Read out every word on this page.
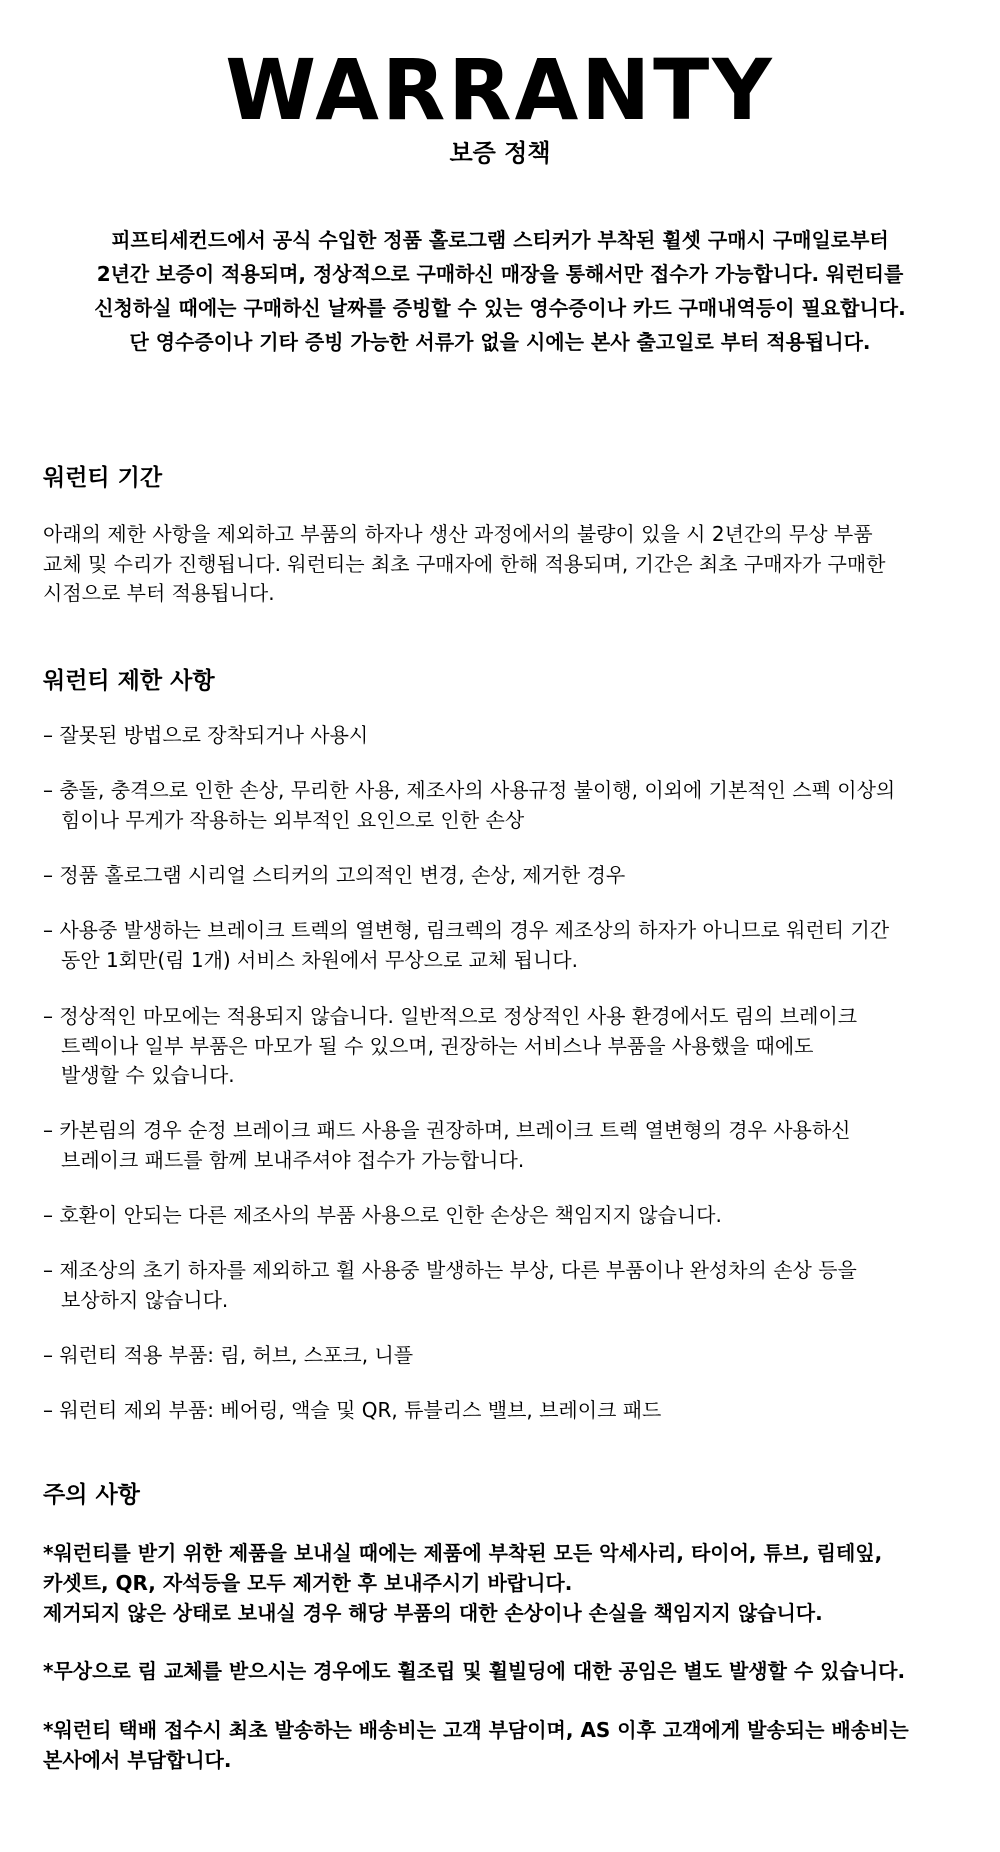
WARRANTY
보증 정책
피프티세컨드에서 공식 수입한 정품 홀로그램 스티커가 부착된 휠셋 구매시 구매일로부터
2년간 보증이 적용되며, 정상적으로 구매하신 매장을 통해서만 접수가 가능합니다. 워런티를
신청하실 때에는 구매하신 날짜를 증빙할 수 있는 영수증이나 카드 구매내역등이 필요합니다.
단 영수증이나 기타 증빙 가능한 서류가 없을 시에는 본사 출고일로 부터 적용됩니다.
워런티 기간
아래의 제한 사항을 제외하고 부품의 하자나 생산 과정에서의 불량이 있을 시 2년간의 무상 부품
교체 및 수리가 진행됩니다. 워런티는 최초 구매자에 한해 적용되며, 기간은 최초 구매자가 구매한
시점으로 부터 적용됩니다.
워런티 제한 사항
– 잘못된 방법으로 장착되거나 사용시
– 충돌, 충격으로 인한 손상, 무리한 사용, 제조사의 사용규정 불이행, 이외에 기본적인 스펙 이상의
힘이나 무게가 작용하는 외부적인 요인으로 인한 손상
– 정품 홀로그램 시리얼 스티커의 고의적인 변경, 손상, 제거한 경우
– 사용중 발생하는 브레이크 트렉의 열변형, 림크렉의 경우 제조상의 하자가 아니므로 워런티 기간
동안 1회만(림 1개) 서비스 차원에서 무상으로 교체 됩니다.
– 정상적인 마모에는 적용되지 않습니다. 일반적으로 정상적인 사용 환경에서도 림의 브레이크
트렉이나 일부 부품은 마모가 될 수 있으며, 권장하는 서비스나 부품을 사용했을 때에도
발생할 수 있습니다.
– 카본림의 경우 순정 브레이크 패드 사용을 권장하며, 브레이크 트렉 열변형의 경우 사용하신
브레이크 패드를 함께 보내주셔야 접수가 가능합니다.
– 호환이 안되는 다른 제조사의 부품 사용으로 인한 손상은 책임지지 않습니다.
– 제조상의 초기 하자를 제외하고 휠 사용중 발생하는 부상, 다른 부품이나 완성차의 손상 등을
보상하지 않습니다.
– 워런티 적용 부품: 림, 허브, 스포크, 니플
– 워런티 제외 부품: 베어링, 액슬 및 QR, 튜블리스 밸브, 브레이크 패드
주의 사항
*워런티를 받기 위한 제품을 보내실 때에는 제품에 부착된 모든 악세사리, 타이어, 튜브, 림테잎,
카셋트, QR, 자석등을 모두 제거한 후 보내주시기 바랍니다.
제거되지 않은 상태로 보내실 경우 해당 부품의 대한 손상이나 손실을 책임지지 않습니다.
*무상으로 림 교체를 받으시는 경우에도 휠조립 및 휠빌딩에 대한 공임은 별도 발생할 수 있습니다.
*워런티 택배 접수시 최초 발송하는 배송비는 고객 부담이며, AS 이후 고객에게 발송되는 배송비는
본사에서 부담합니다.
